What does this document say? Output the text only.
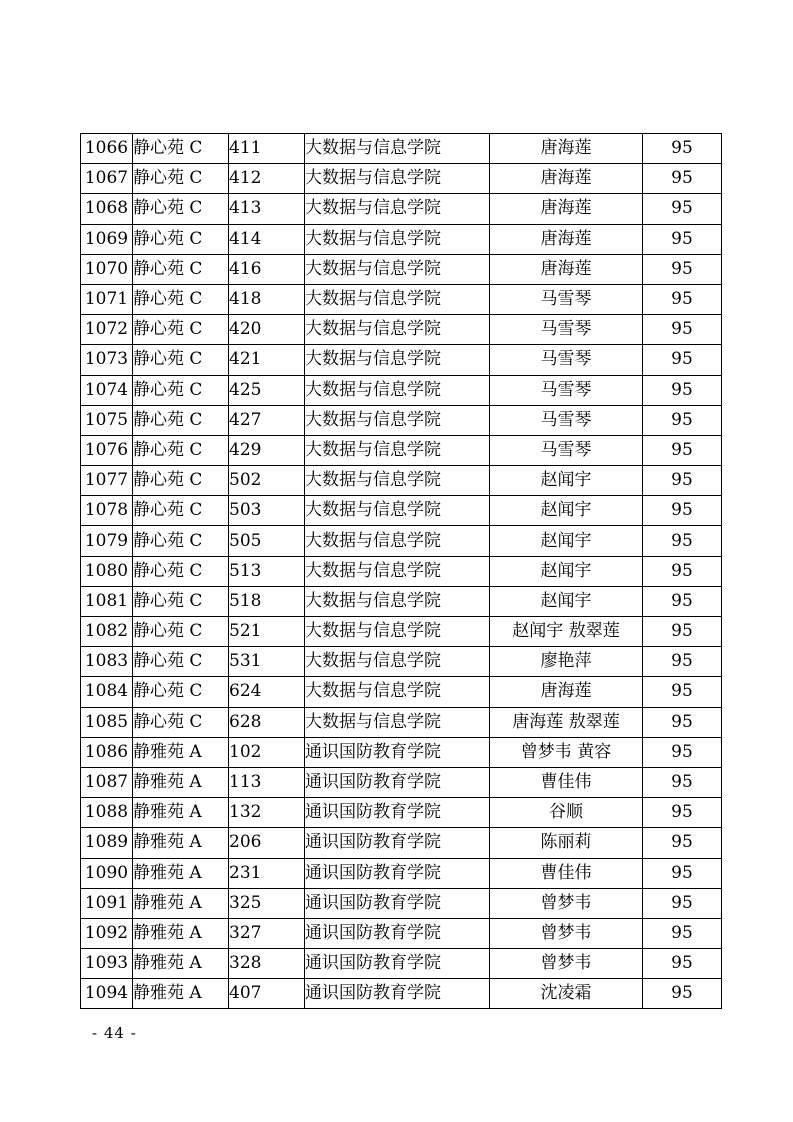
1066	静心苑 C	411	大数据与信息学院	唐海莲	95
1067	静心苑 C	412	大数据与信息学院	唐海莲	95
1068	静心苑 C	413	大数据与信息学院	唐海莲	95
1069	静心苑 C	414	大数据与信息学院	唐海莲	95
1070	静心苑 C	416	大数据与信息学院	唐海莲	95
1071	静心苑 C	418	大数据与信息学院	马雪琴	95
1072	静心苑 C	420	大数据与信息学院	马雪琴	95
1073	静心苑 C	421	大数据与信息学院	马雪琴	95
1074	静心苑 C	425	大数据与信息学院	马雪琴	95
1075	静心苑 C	427	大数据与信息学院	马雪琴	95
1076	静心苑 C	429	大数据与信息学院	马雪琴	95
1077	静心苑 C	502	大数据与信息学院	赵闻宇	95
1078	静心苑 C	503	大数据与信息学院	赵闻宇	95
1079	静心苑 C	505	大数据与信息学院	赵闻宇	95
1080	静心苑 C	513	大数据与信息学院	赵闻宇	95
1081	静心苑 C	518	大数据与信息学院	赵闻宇	95
1082	静心苑 C	521	大数据与信息学院	赵闻宇 敖翠莲	95
1083	静心苑 C	531	大数据与信息学院	廖艳萍	95
1084	静心苑 C	624	大数据与信息学院	唐海莲	95
1085	静心苑 C	628	大数据与信息学院	唐海莲 敖翠莲	95
1086	静雅苑 A	102	通识国防教育学院	曾梦韦 黄容	95
1087	静雅苑 A	113	通识国防教育学院	曹佳伟	95
1088	静雅苑 A	132	通识国防教育学院	谷顺	95
1089	静雅苑 A	206	通识国防教育学院	陈丽莉	95
1090	静雅苑 A	231	通识国防教育学院	曹佳伟	95
1091	静雅苑 A	325	通识国防教育学院	曾梦韦	95
1092	静雅苑 A	327	通识国防教育学院	曾梦韦	95
1093	静雅苑 A	328	通识国防教育学院	曾梦韦	95
1094	静雅苑 A	407	通识国防教育学院	沈凌霜	95
- 44 -
